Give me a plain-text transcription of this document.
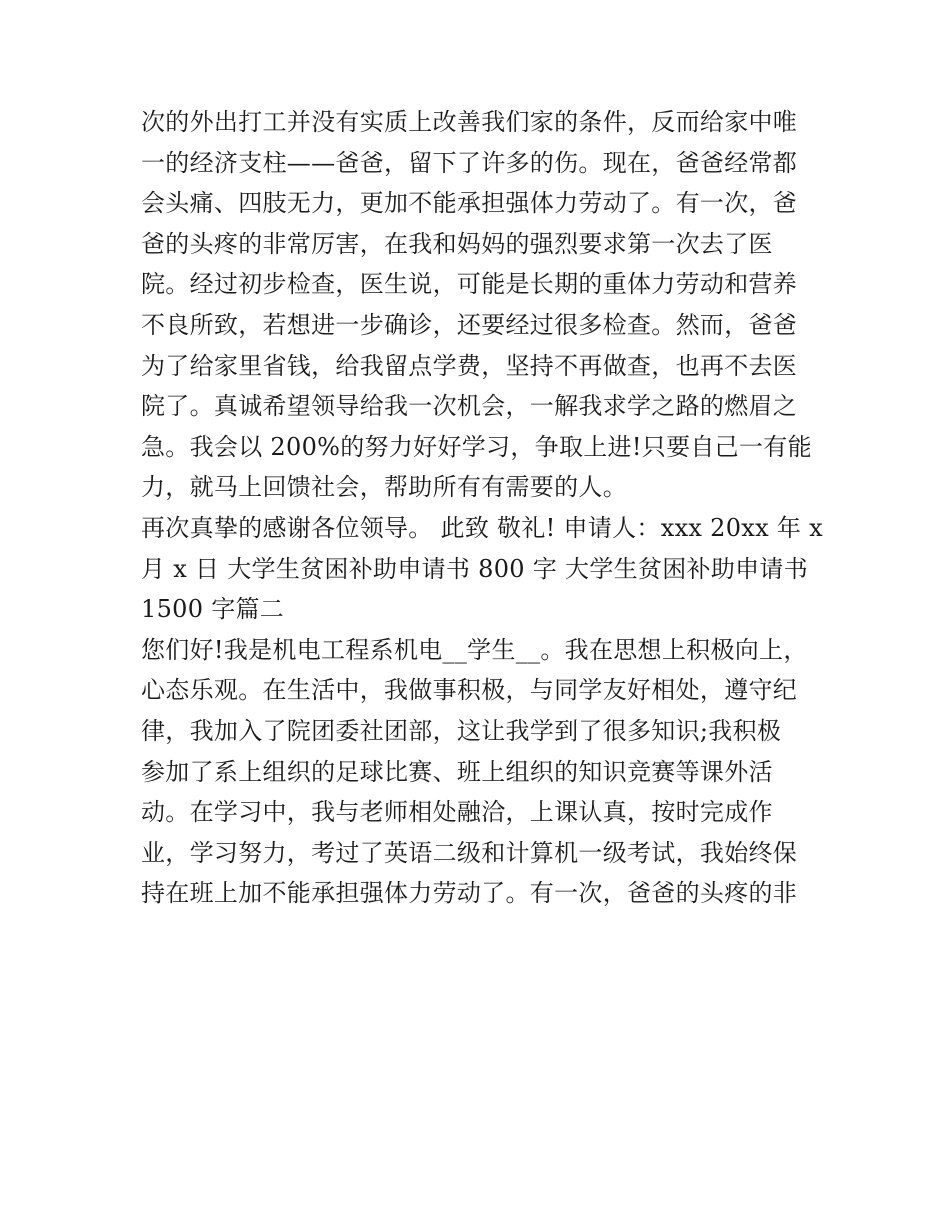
次的外出打工并没有实质上改善我们家的条件，反而给家中唯
一的经济支柱——爸爸，留下了许多的伤。现在，爸爸经常都
会头痛、四肢无力，更加不能承担强体力劳动了。有一次，爸
爸的头疼的非常厉害，在我和妈妈的强烈要求第一次去了医
院。经过初步检查，医生说，可能是长期的重体力劳动和营养
不良所致，若想进一步确诊，还要经过很多检查。然而，爸爸
为了给家里省钱，给我留点学费，坚持不再做查，也再不去医
院了。真诚希望领导给我一次机会，一解我求学之路的燃眉之
急。我会以 200%的努力好好学习，争取上进!只要自己一有能
力，就马上回馈社会，帮助所有有需要的人。
再次真挚的感谢各位领导。 此致 敬礼! 申请人：xxx 20xx 年 x
月 x 日 大学生贫困补助申请书 800 字 大学生贫困补助申请书
1500 字篇二
您们好!我是机电工程系机电__学生__。我在思想上积极向上，
心态乐观。在生活中，我做事积极，与同学友好相处，遵守纪
律，我加入了院团委社团部，这让我学到了很多知识;我积极
参加了系上组织的足球比赛、班上组织的知识竞赛等课外活
动。在学习中，我与老师相处融洽，上课认真，按时完成作
业，学习努力，考过了英语二级和计算机一级考试，我始终保
持在班上加不能承担强体力劳动了。有一次，爸爸的头疼的非
